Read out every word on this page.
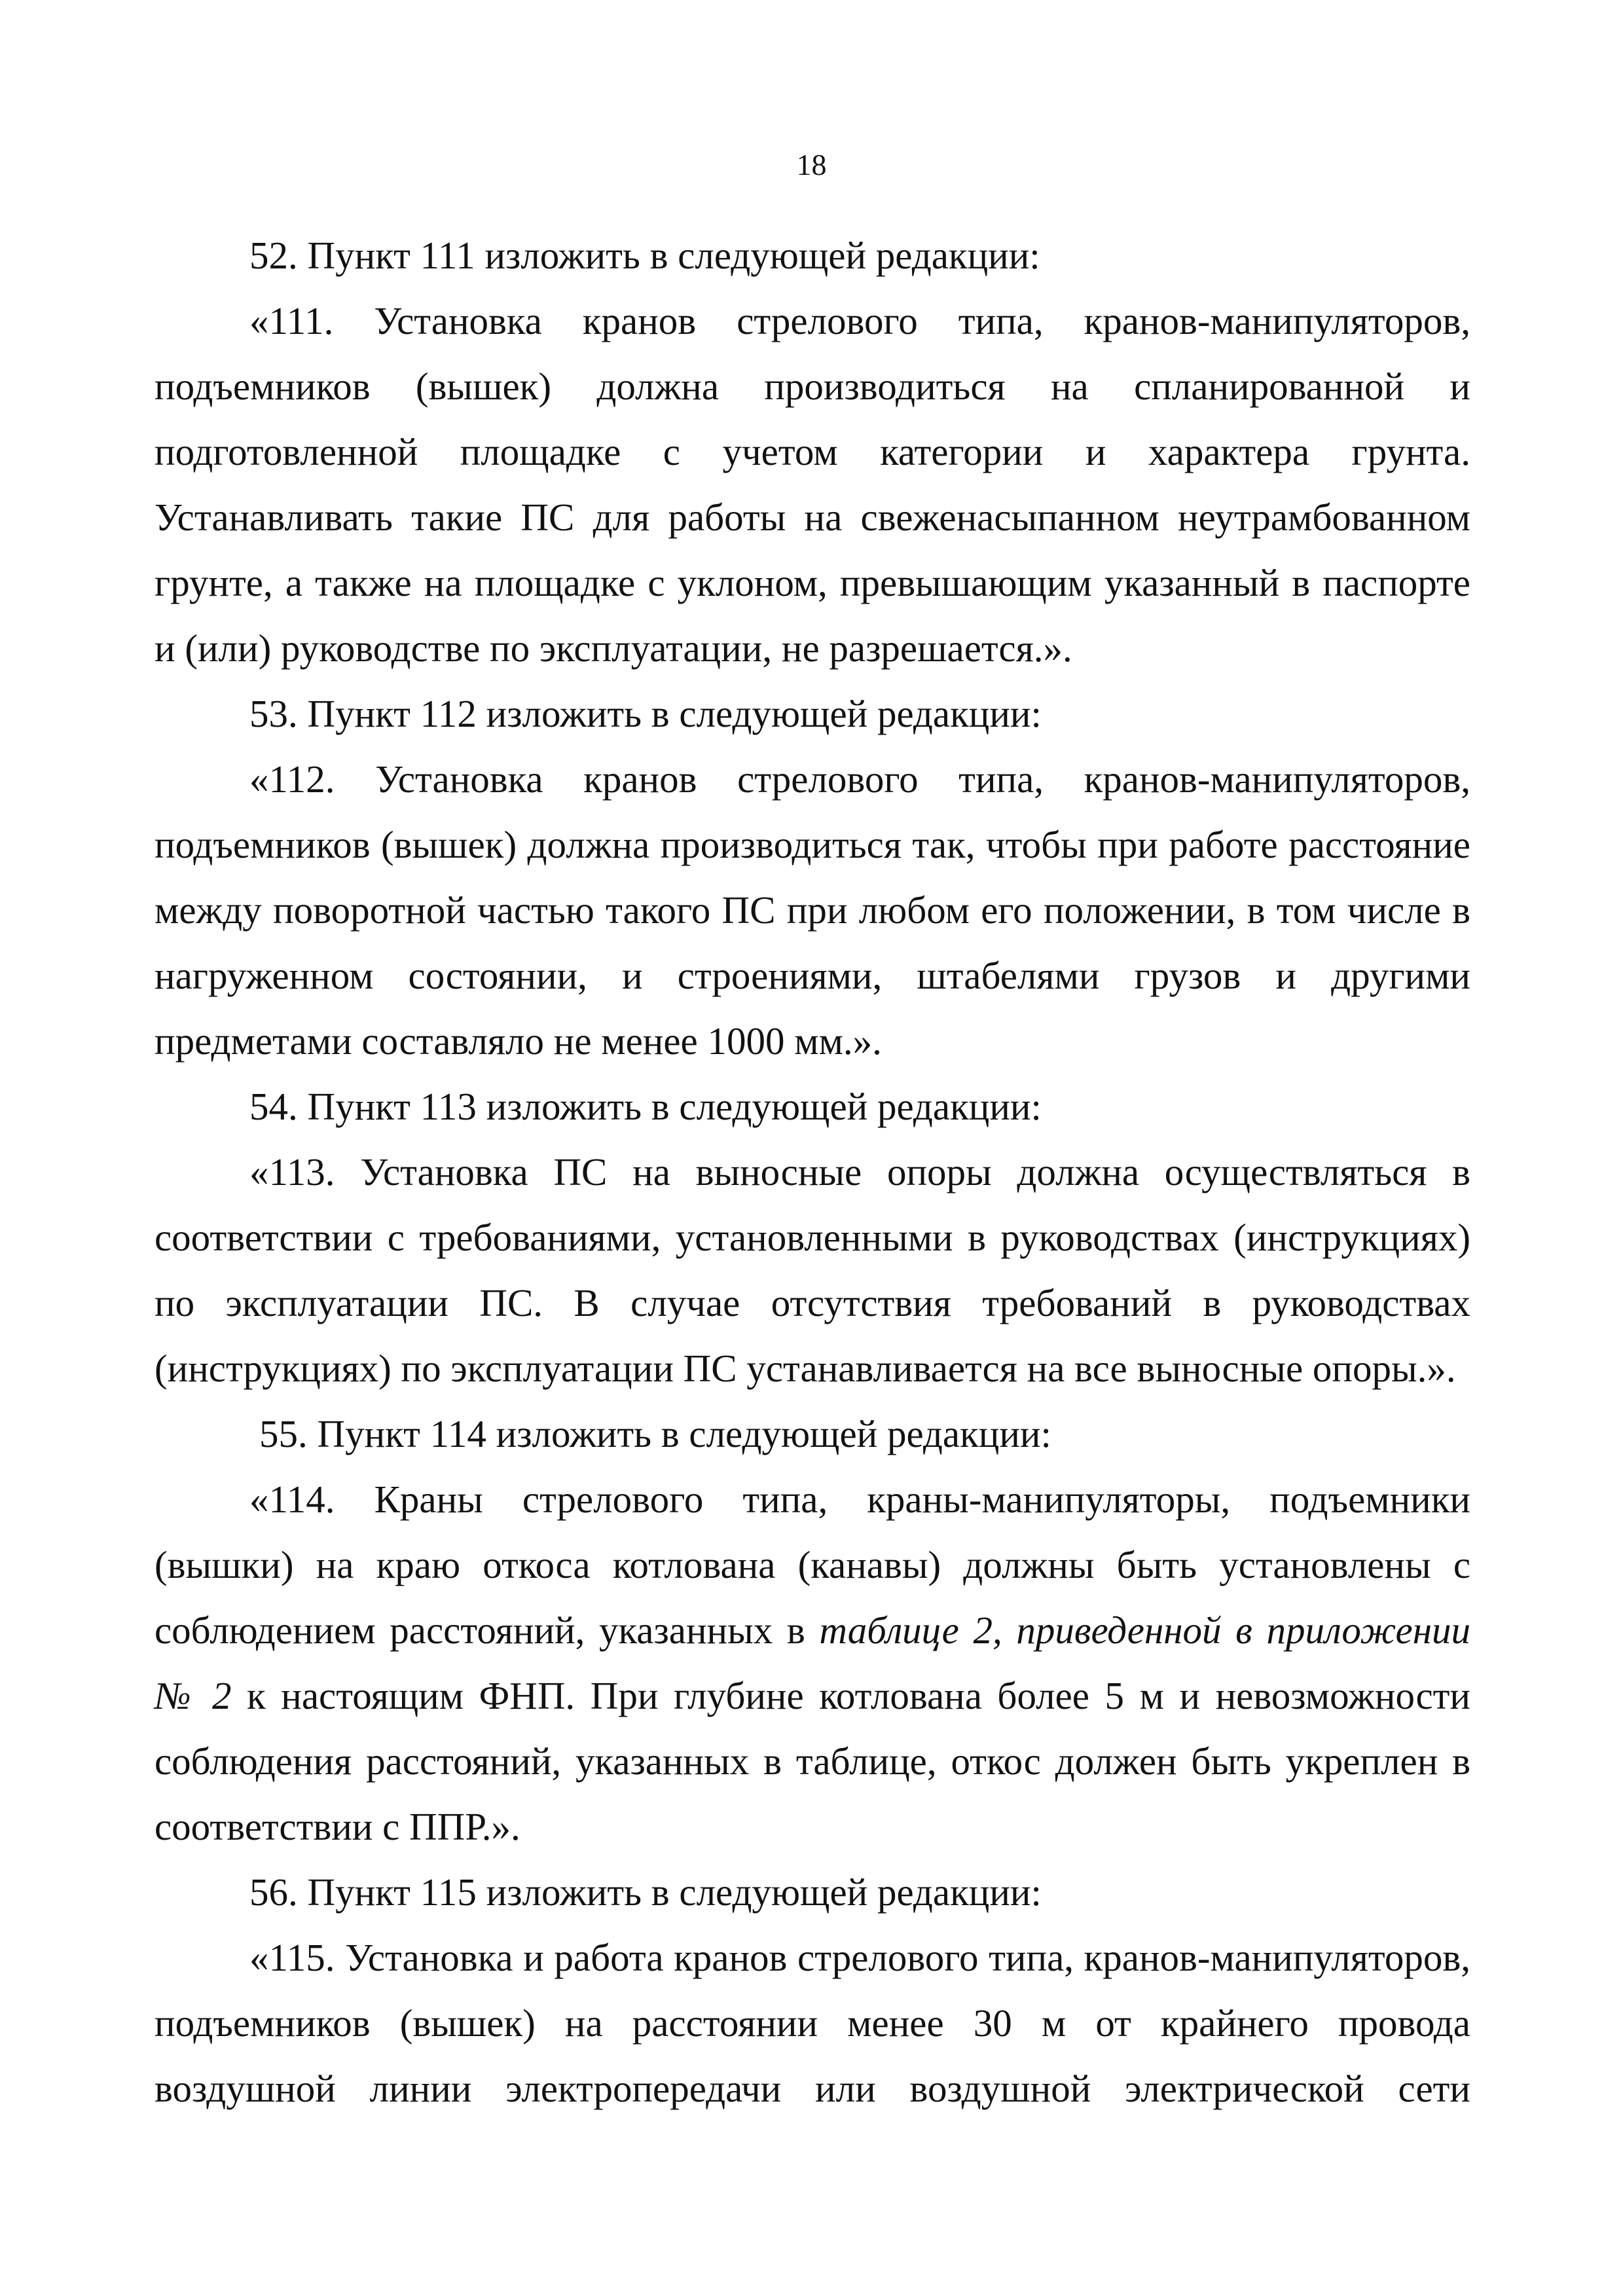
18

52. Пункт 111 изложить в следующей редакции:

«111. Установка кранов стрелового типа, кранов-манипуляторов, подъемников (вышек) должна производиться на спланированной и подготовленной площадке с учетом категории и характера грунта. Устанавливать такие ПС для работы на свеженасыпанном неутрамбованном грунте, а также на площадке с уклоном, превышающим указанный в паспорте и (или) руководстве по эксплуатации, не разрешается.».

53. Пункт 112 изложить в следующей редакции:

«112. Установка кранов стрелового типа, кранов-манипуляторов, подъемников (вышек) должна производиться так, чтобы при работе расстояние между поворотной частью такого ПС при любом его положении, в том числе в нагруженном состоянии, и строениями, штабелями грузов и другими предметами составляло не менее 1000 мм.».

54. Пункт 113 изложить в следующей редакции:

«113. Установка ПС на выносные опоры должна осуществляться в соответствии с требованиями, установленными в руководствах (инструкциях) по эксплуатации ПС. В случае отсутствия требований в руководствах (инструкциях) по эксплуатации ПС устанавливается на все выносные опоры.».

55. Пункт 114 изложить в следующей редакции:

«114. Краны стрелового типа, краны-манипуляторы, подъемники (вышки) на краю откоса котлована (канавы) должны быть установлены с соблюдением расстояний, указанных в таблице 2, приведенной в приложении № 2 к настоящим ФНП. При глубине котлована более 5 м и невозможности соблюдения расстояний, указанных в таблице, откос должен быть укреплен в соответствии с ППР.».

56. Пункт 115 изложить в следующей редакции:

«115. Установка и работа кранов стрелового типа, кранов-манипуляторов, подъемников (вышек) на расстоянии менее 30 м от крайнего провода воздушной линии электропередачи или воздушной электрической сети
